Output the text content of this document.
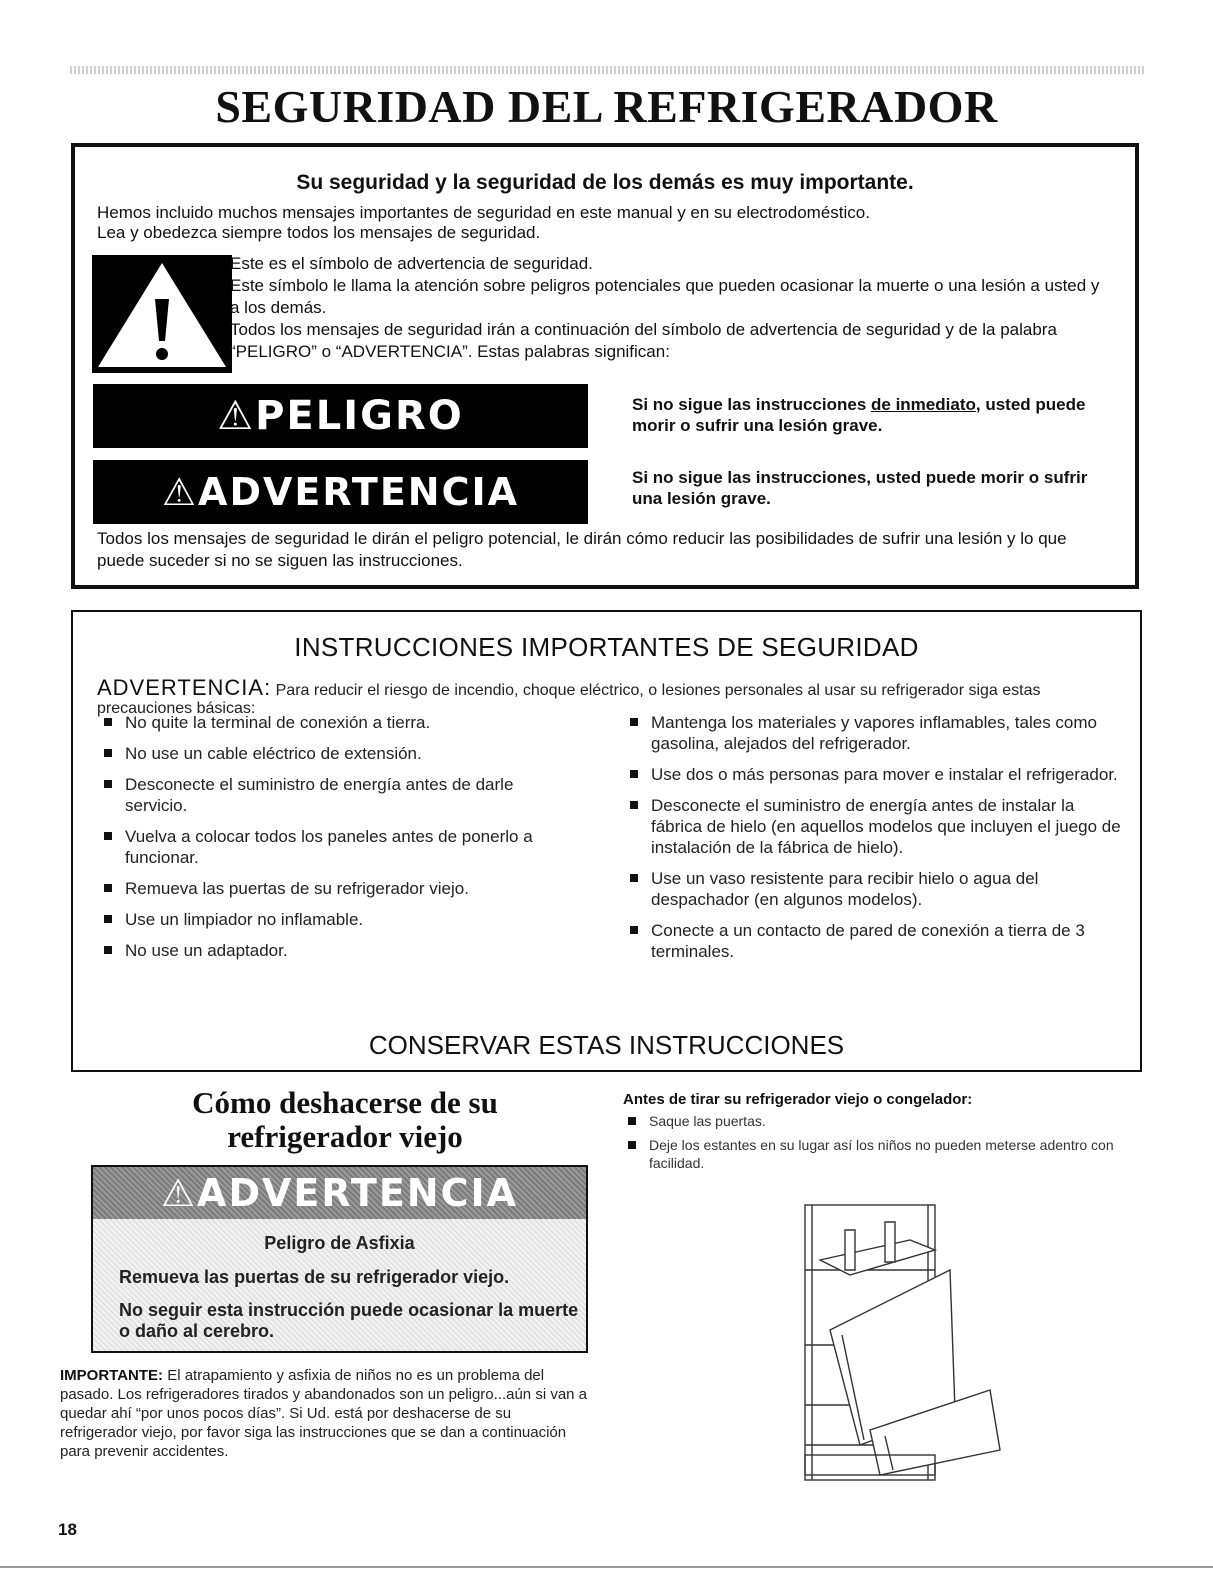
SEGURIDAD DEL REFRIGERADOR
Su seguridad y la seguridad de los demás es muy importante.
Hemos incluido muchos mensajes importantes de seguridad en este manual y en su electrodoméstico.
Lea y obedezca siempre todos los mensajes de seguridad.
Este es el símbolo de advertencia de seguridad.
Este símbolo le llama la atención sobre peligros potenciales que pueden ocasionar la muerte o una lesión a usted y a los demás.
Todos los mensajes de seguridad irán a continuación del símbolo de advertencia de seguridad y de la palabra “PELIGRO” o “ADVERTENCIA”. Estas palabras significan:
⚠PELIGRO	Si no sigue las instrucciones de inmediato, usted puede morir o sufrir una lesión grave.
⚠ADVERTENCIA	Si no sigue las instrucciones, usted puede morir o sufrir una lesión grave.
Todos los mensajes de seguridad le dirán el peligro potencial, le dirán cómo reducir las posibilidades de sufrir una lesión y lo que puede suceder si no se siguen las instrucciones.
INSTRUCCIONES IMPORTANTES DE SEGURIDAD
ADVERTENCIA: Para reducir el riesgo de incendio, choque eléctrico, o lesiones personales al usar su refrigerador siga estas precauciones básicas:
No quite la terminal de conexión a tierra.
No use un cable eléctrico de extensión.
Desconecte el suministro de energía antes de darle servicio.
Vuelva a colocar todos los paneles antes de ponerlo a funcionar.
Remueva las puertas de su refrigerador viejo.
Use un limpiador no inflamable.
No use un adaptador.
Mantenga los materiales y vapores inflamables, tales como gasolina, alejados del refrigerador.
Use dos o más personas para mover e instalar el refrigerador.
Desconecte el suministro de energía antes de instalar la fábrica de hielo (en aquellos modelos que incluyen el juego de instalación de la fábrica de hielo).
Use un vaso resistente para recibir hielo o agua del despachador (en algunos modelos).
Conecte a un contacto de pared de conexión a tierra de 3 terminales.
CONSERVAR ESTAS INSTRUCCIONES
Cómo deshacerse de su refrigerador viejo
⚠ADVERTENCIA
Peligro de Asfixia
Remueva las puertas de su refrigerador viejo.
No seguir esta instrucción puede ocasionar la muerte o daño al cerebro.
IMPORTANTE: El atrapamiento y asfixia de niños no es un problema del pasado. Los refrigeradores tirados y abandonados son un peligro...aún si van a quedar ahí “por unos pocos días”. Si Ud. está por deshacerse de su refrigerador viejo, por favor siga las instrucciones que se dan a continuación para prevenir accidentes.
Antes de tirar su refrigerador viejo o congelador:
Saque las puertas.
Deje los estantes en su lugar así los niños no pueden meterse adentro con facilidad.
18
